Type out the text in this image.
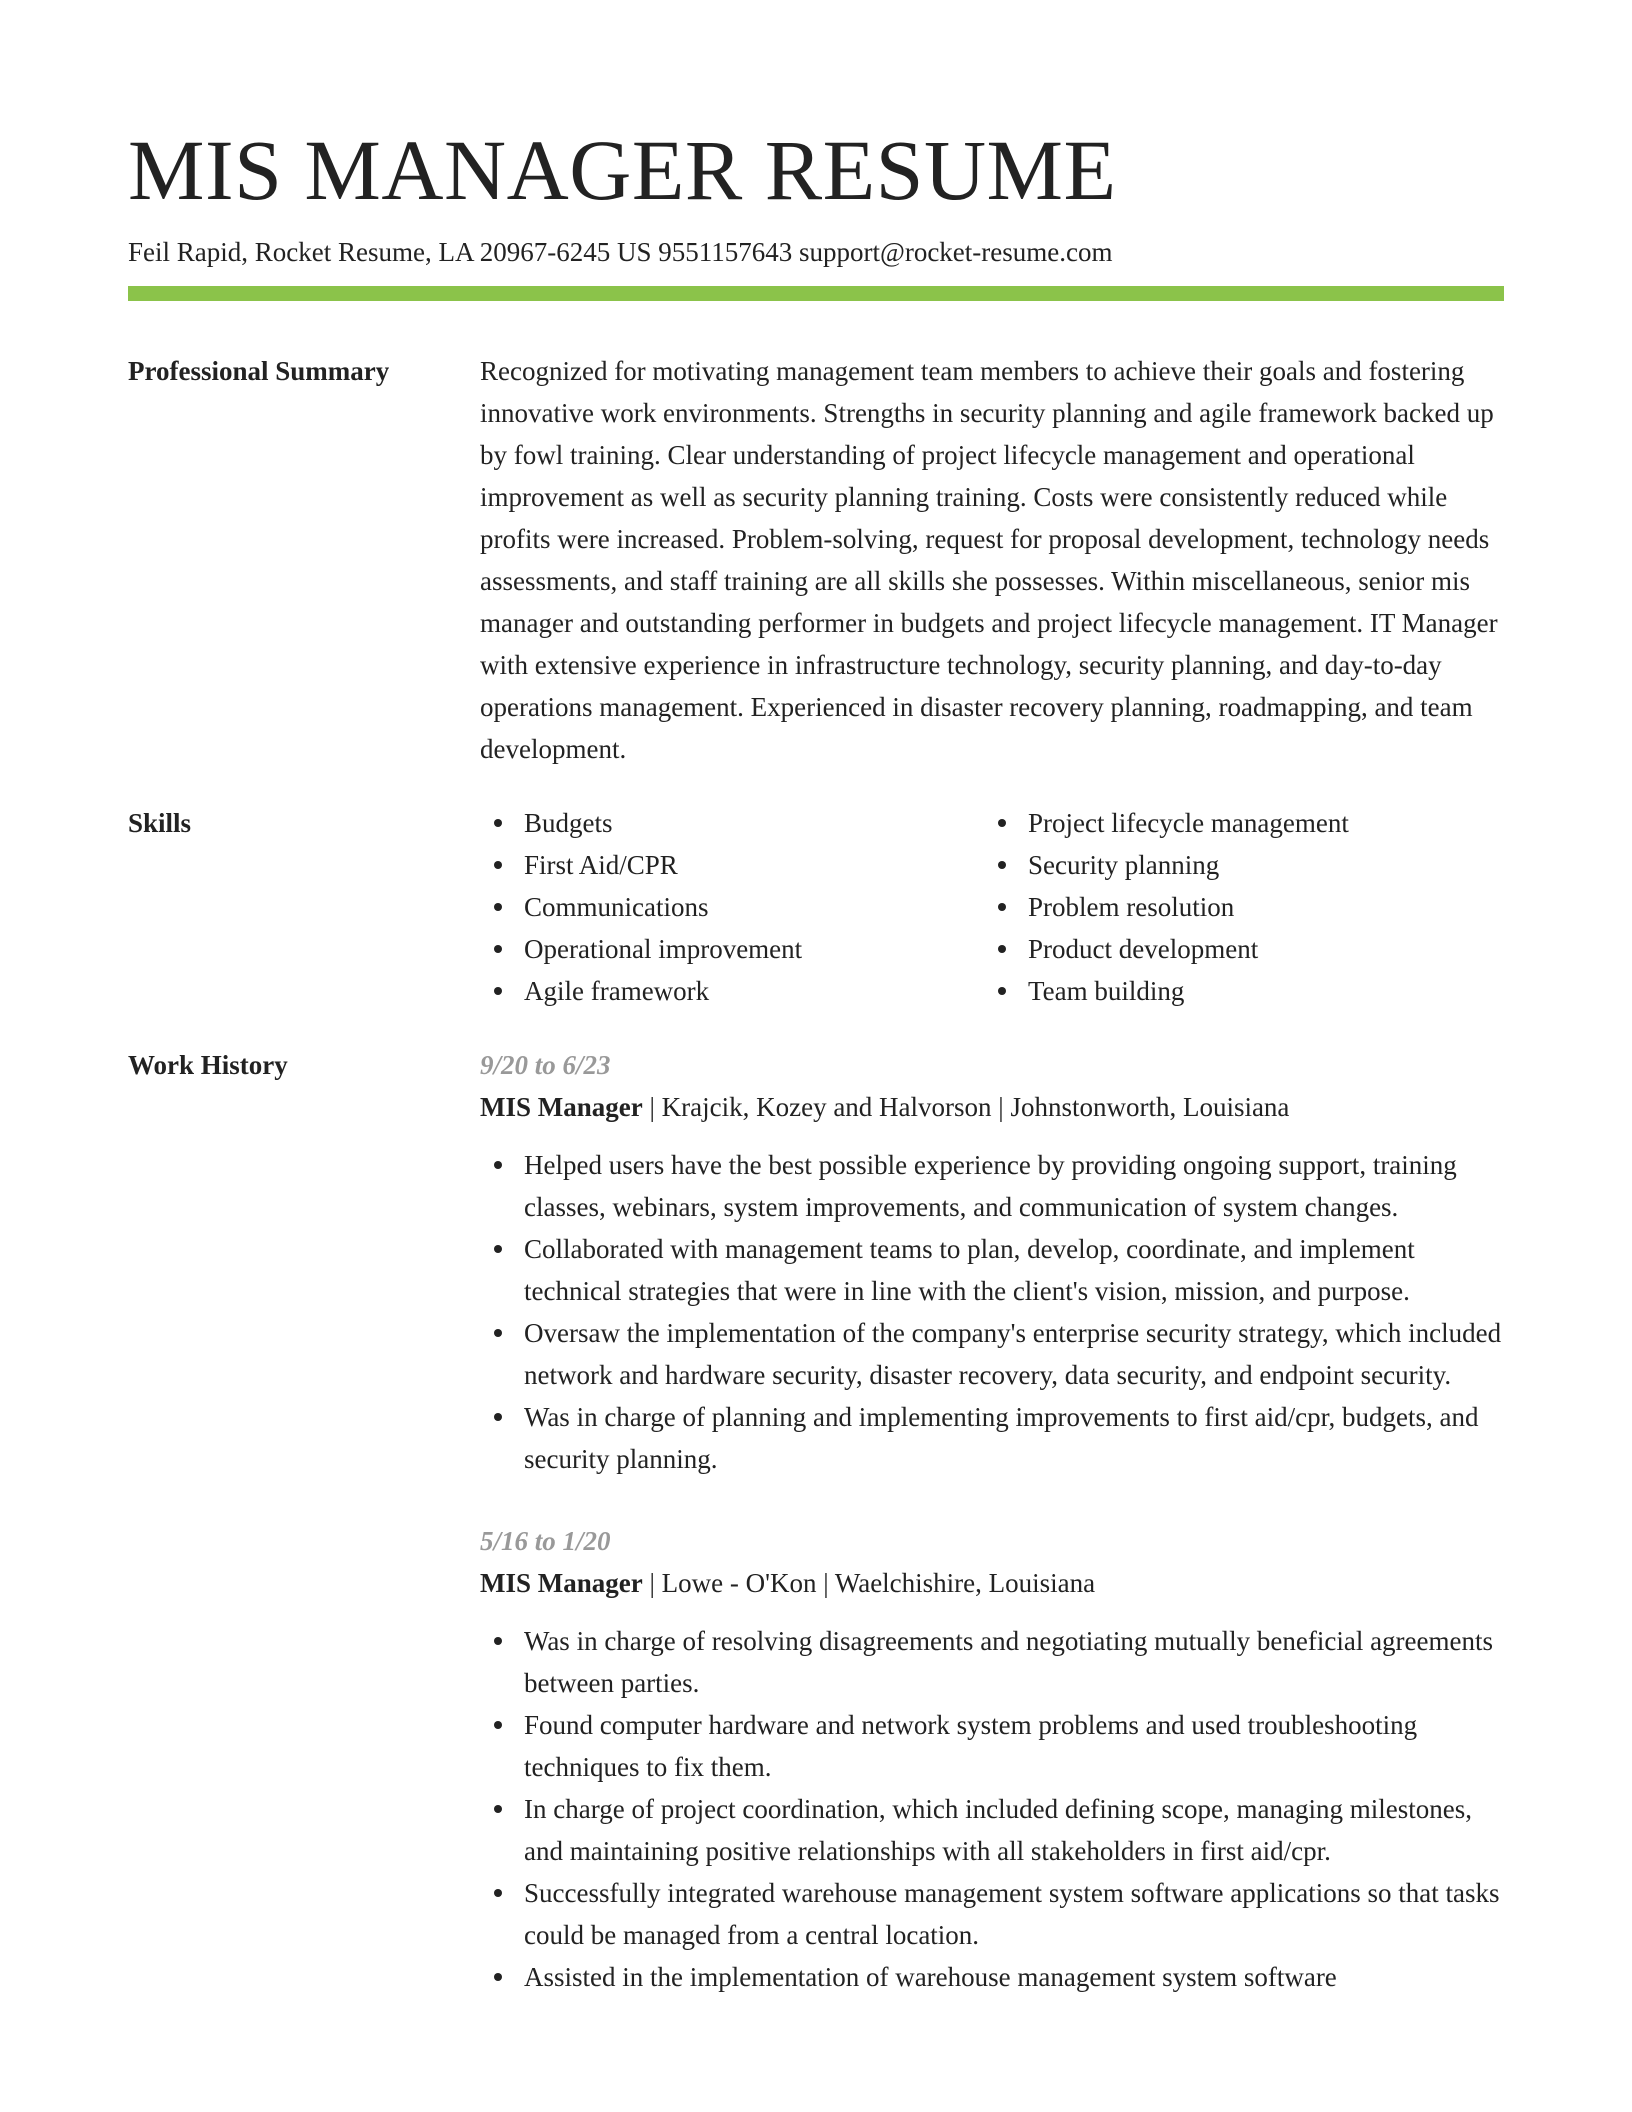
MIS MANAGER RESUME
Feil Rapid, Rocket Resume, LA 20967-6245 US 9551157643 support@rocket-resume.com
Professional Summary	Recognized for motivating management team members to achieve their goals and fostering innovative work environments. Strengths in security planning and agile framework backed up by fowl training. Clear understanding of project lifecycle management and operational improvement as well as security planning training. Costs were consistently reduced while profits were increased. Problem-solving, request for proposal development, technology needs assessments, and staff training are all skills she possesses. Within miscellaneous, senior mis manager and outstanding performer in budgets and project lifecycle management. IT Manager with extensive experience in infrastructure technology, security planning, and day-to-day operations management. Experienced in disaster recovery planning, roadmapping, and team development.

Skills	Budgets	Project lifecycle management
First Aid/CPR	Security planning
Communications	Problem resolution
Operational improvement	Product development
Agile framework	Team building
Work History	9/20 to 6/23
MIS Manager | Krajcik, Kozey and Halvorson | Johnstonworth, Louisiana
Helped users have the best possible experience by providing ongoing support, training classes, webinars, system improvements, and communication of system changes.
Collaborated with management teams to plan, develop, coordinate, and implement technical strategies that were in line with the client's vision, mission, and purpose.
Oversaw the implementation of the company's enterprise security strategy, which included network and hardware security, disaster recovery, data security, and endpoint security.
Was in charge of planning and implementing improvements to first aid/cpr, budgets, and security planning.
5/16 to 1/20
MIS Manager | Lowe - O'Kon | Waelchishire, Louisiana
Was in charge of resolving disagreements and negotiating mutually beneficial agreements between parties.
Found computer hardware and network system problems and used troubleshooting techniques to fix them.
In charge of project coordination, which included defining scope, managing milestones, and maintaining positive relationships with all stakeholders in first aid/cpr.
Successfully integrated warehouse management system software applications so that tasks could be managed from a central location.
Assisted in the implementation of warehouse management system software
